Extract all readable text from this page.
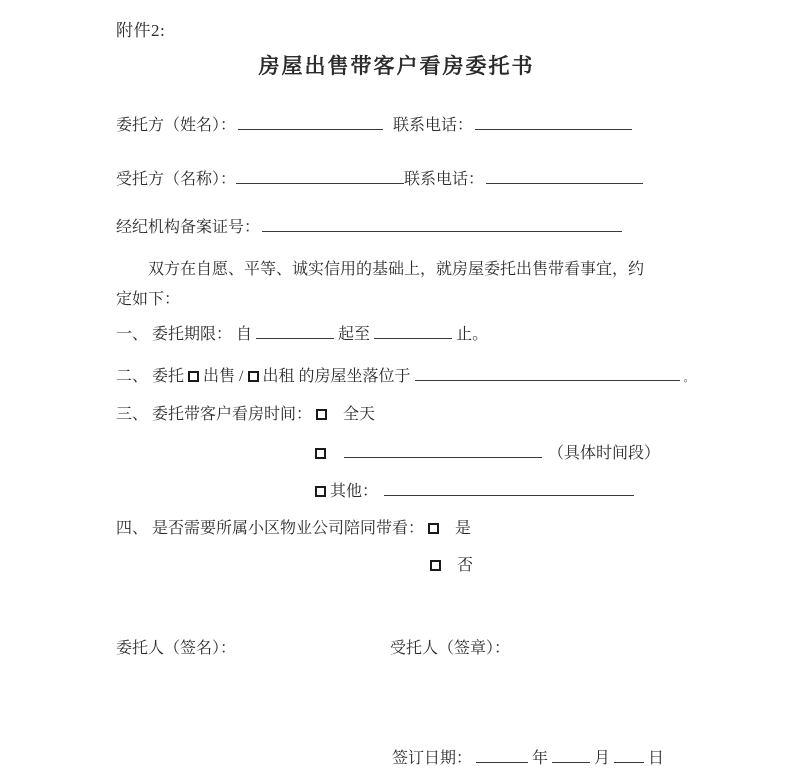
附件2:
房屋出售带客户看房委托书
委托方（姓名）：	联系电话：
受托方（名称）：	联系电话：
经纪机构备案证号：
双方在自愿、平等、诚实信用的基础上，就房屋委托出售带看事宜，约定如下：
一、 委托期限： 自	起至	止。
二、 委托 出售 / 出租 的房屋坐落位于	。
三、 委托带客户看房时间： 全天
（具体时间段）
其他：
四、 是否需要所属小区物业公司陪同带看： 是
否
委托人（签名）：	受托人（签章）：
签订日期：	年	月 日
